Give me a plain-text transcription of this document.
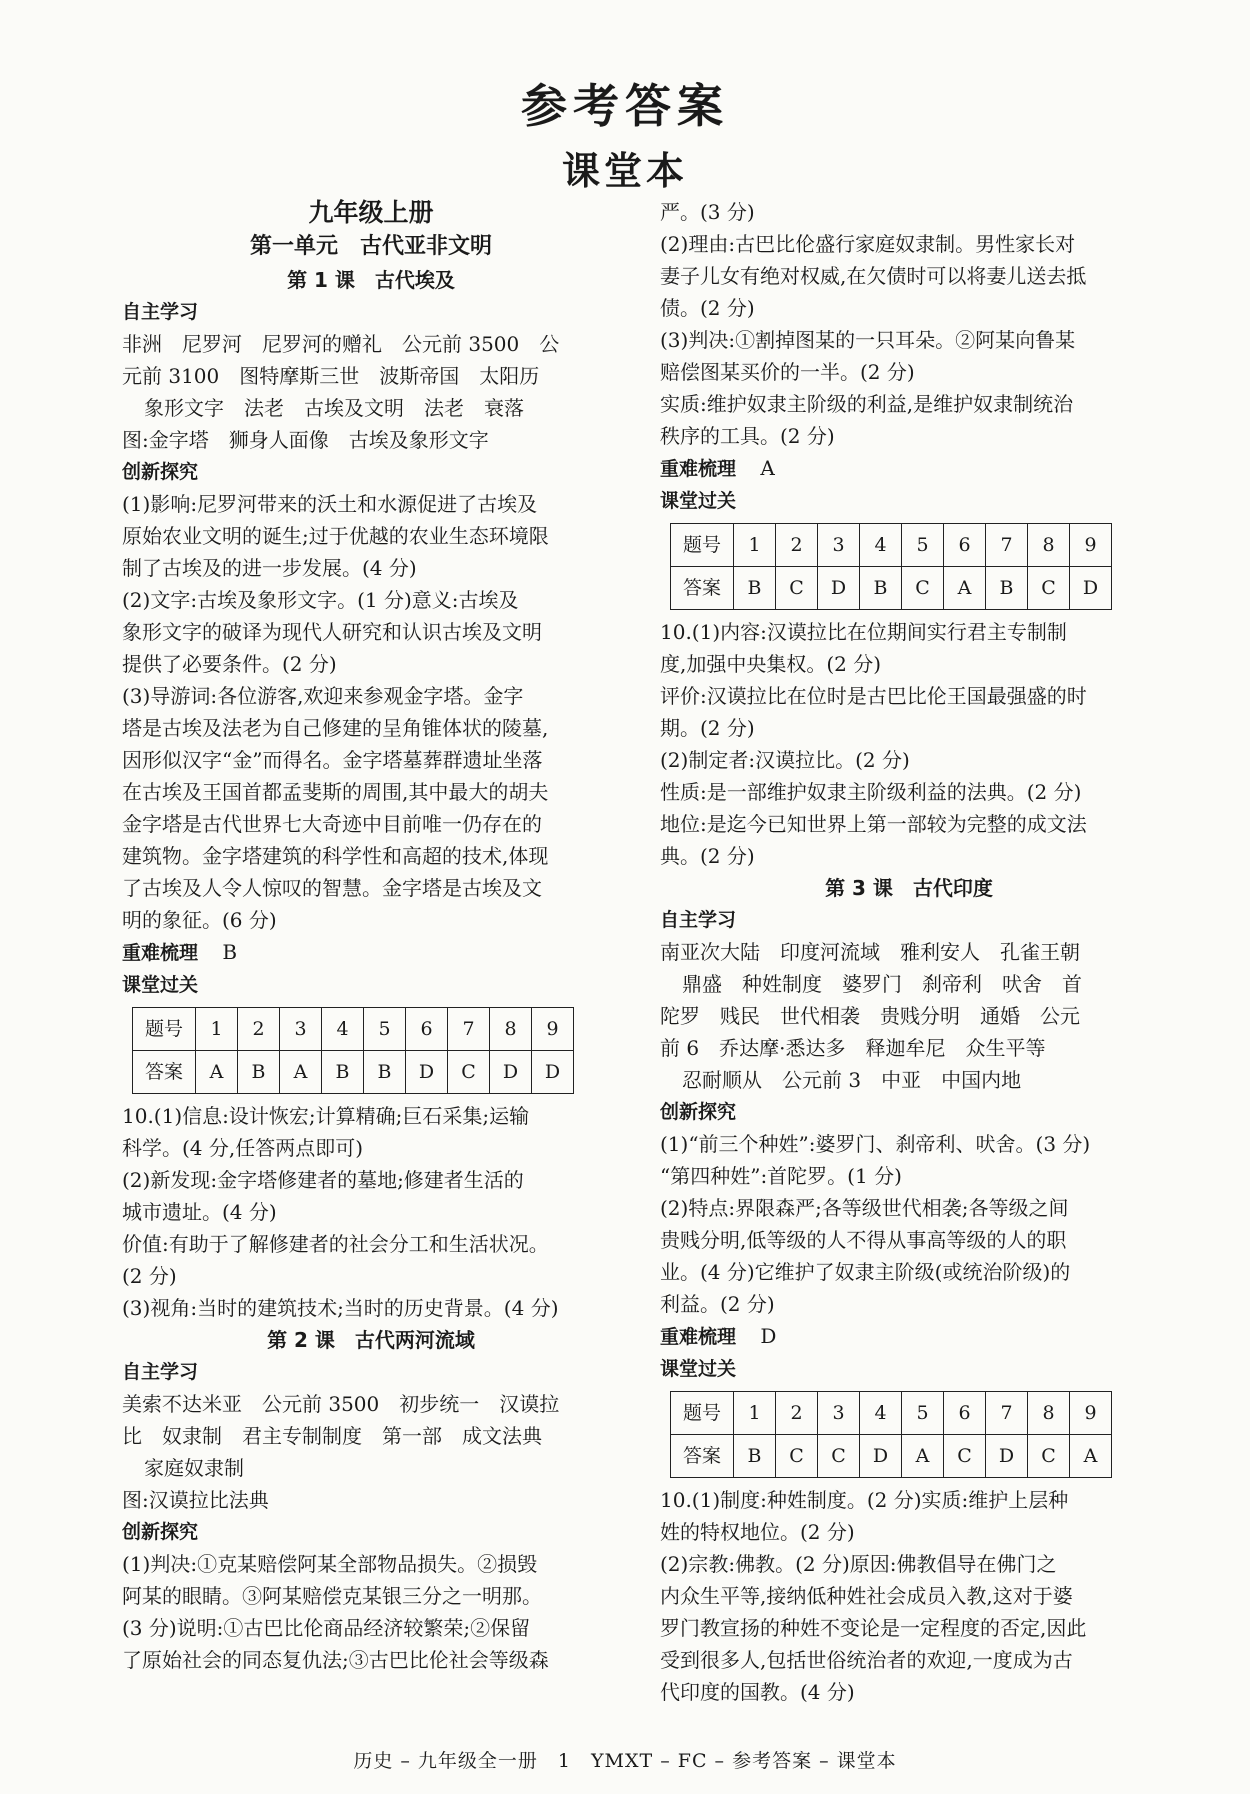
参考答案
课堂本
九年级上册
第一单元　古代亚非文明
第 1 课　古代埃及
自主学习

非洲　尼罗河　尼罗河的赠礼　公元前 3500　公

元前 3100　图特摩斯三世　波斯帝国　太阳历

象形文字　法老　古埃及文明　法老　衰落

图:金字塔　狮身人面像　古埃及象形文字

创新探究

(1)影响:尼罗河带来的沃土和水源促进了古埃及

原始农业文明的诞生;过于优越的农业生态环境限

制了古埃及的进一步发展。(4 分)

(2)文字:古埃及象形文字。(1 分)意义:古埃及

象形文字的破译为现代人研究和认识古埃及文明

提供了必要条件。(2 分)

(3)导游词:各位游客,欢迎来参观金字塔。金字

塔是古埃及法老为自己修建的呈角锥体状的陵墓,

因形似汉字“金”而得名。金字塔墓葬群遗址坐落

在古埃及王国首都孟斐斯的周围,其中最大的胡夫

金字塔是古代世界七大奇迹中目前唯一仍存在的

建筑物。金字塔建筑的科学性和高超的技术,体现

了古埃及人令人惊叹的智慧。金字塔是古埃及文

明的象征。(6 分)

重难梳理 B
课堂过关
题号	1	2	3	4	5	6	7	8	9
答案	A	B	A	B	B	D	C	D	D

10.(1)信息:设计恢宏;计算精确;巨石采集;运输

科学。(4 分,任答两点即可)

(2)新发现:金字塔修建者的墓地;修建者生活的

城市遗址。(4 分)

价值:有助于了解修建者的社会分工和生活状况。

(2 分)

(3)视角:当时的建筑技术;当时的历史背景。(4 分)

第 2 课　古代两河流域
自主学习

美索不达米亚　公元前 3500　初步统一　汉谟拉

比　奴隶制　君主专制制度　第一部　成文法典

家庭奴隶制

图:汉谟拉比法典

创新探究

(1)判决:①克某赔偿阿某全部物品损失。②损毁

阿某的眼睛。③阿某赔偿克某银三分之一明那。

(3 分)说明:①古巴比伦商品经济较繁荣;②保留

了原始社会的同态复仇法;③古巴比伦社会等级森

严。(3 分)

(2)理由:古巴比伦盛行家庭奴隶制。男性家长对

妻子儿女有绝对权威,在欠债时可以将妻儿送去抵

债。(2 分)

(3)判决:①割掉图某的一只耳朵。②阿某向鲁某

赔偿图某买价的一半。(2 分)

实质:维护奴隶主阶级的利益,是维护奴隶制统治

秩序的工具。(2 分)

重难梳理 A
课堂过关
题号	1	2	3	4	5	6	7	8	9
答案	B	C	D	B	C	A	B	C	D

10.(1)内容:汉谟拉比在位期间实行君主专制制

度,加强中央集权。(2 分)

评价:汉谟拉比在位时是古巴比伦王国最强盛的时

期。(2 分)

(2)制定者:汉谟拉比。(2 分)

性质:是一部维护奴隶主阶级利益的法典。(2 分)

地位:是迄今已知世界上第一部较为完整的成文法

典。(2 分)

第 3 课　古代印度
自主学习

南亚次大陆　印度河流域　雅利安人　孔雀王朝

鼎盛　种姓制度　婆罗门　刹帝利　吠舍　首

陀罗　贱民　世代相袭　贵贱分明　通婚　公元

前 6　乔达摩·悉达多　释迦牟尼　众生平等

忍耐顺从　公元前 3　中亚　中国内地

创新探究

(1)“前三个种姓”:婆罗门、刹帝利、吠舍。(3 分)

“第四种姓”:首陀罗。(1 分)

(2)特点:界限森严;各等级世代相袭;各等级之间

贵贱分明,低等级的人不得从事高等级的人的职

业。(4 分)它维护了奴隶主阶级(或统治阶级)的

利益。(2 分)

重难梳理 D
课堂过关
题号	1	2	3	4	5	6	7	8	9
答案	B	C	C	D	A	C	D	C	A

10.(1)制度:种姓制度。(2 分)实质:维护上层种

姓的特权地位。(2 分)

(2)宗教:佛教。(2 分)原因:佛教倡导在佛门之

内众生平等,接纳低种姓社会成员入教,这对于婆

罗门教宣扬的种姓不变论是一定程度的否定,因此

受到很多人,包括世俗统治者的欢迎,一度成为古

代印度的国教。(4 分)

历史 – 九年级全一册　1　YMXT – FC – 参考答案 – 课堂本
